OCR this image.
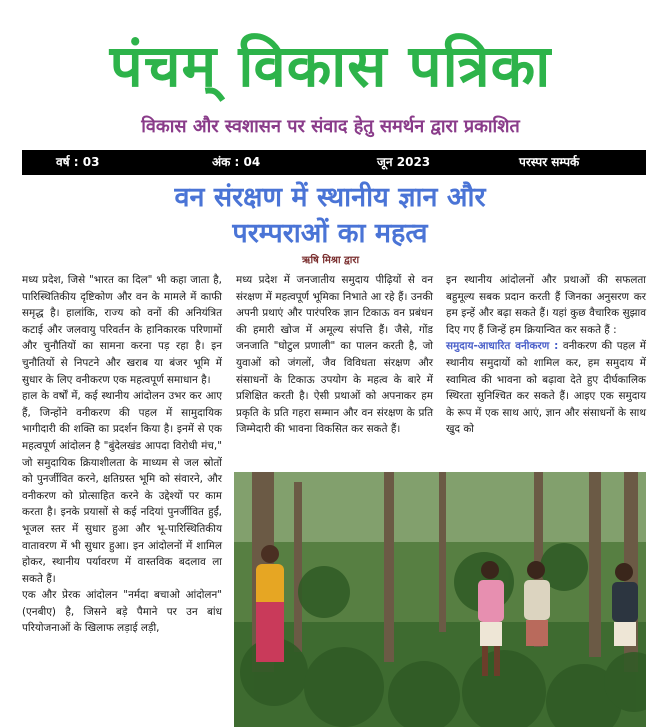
पंचम् विकास पत्रिका
विकास और स्वशासन पर संवाद हेतु समर्थन द्वारा प्रकाशित
वर्ष : 03	अंक : 04	जून 2023	परस्पर सम्पर्क
वन संरक्षण में स्थानीय ज्ञान और
परम्पराओं का महत्व
ऋषि मिश्रा द्वारा

मध्य प्रदेश, जिसे "भारत का दिल" भी कहा जाता है, पारिस्थितिकीय दृष्टिकोण और वन के मामले में काफी समृद्ध है। हालांकि, राज्य को वनों की अनियंत्रित कटाई और जलवायु परिवर्तन के हानिकारक परिणामों और चुनौतियों का सामना करना पड़ रहा है। इन चुनौतियों से निपटने और खराब या बंजर भूमि में सुधार के लिए वनीकरण एक महत्वपूर्ण समाधान है।

हाल के वर्षों में, कई स्थानीय आंदोलन उभर कर आए हैं, जिन्होंने वनीकरण की पहल में सामुदायिक भागीदारी की शक्ति का प्रदर्शन किया है। इनमें से एक महत्वपूर्ण आंदोलन है "बुंदेलखंड आपदा विरोधी मंच," जो समुदायिक क्रियाशीलता के माध्यम से जल स्रोतों को पुनर्जीवित करने, क्षतिग्रस्त भूमि को संवारने, और वनीकरण को प्रोत्साहित करने के उद्देश्यों पर काम करता है। इनके प्रयासों से कई नदियां पुनर्जीवित हुईं, भूजल स्तर में सुधार हुआ और भू-पारिस्थितिकीय वातावरण में भी सुधार हुआ। इन आंदोलनों में शामिल होकर, स्थानीय पर्यावरण में वास्तविक बदलाव ला सकते हैं।

एक और प्रेरक आंदोलन "नर्मदा बचाओ आंदोलन" (एनबीए) है, जिसने बड़े पैमाने पर उन बांध परियोजनाओं के खिलाफ लड़ाई लड़ी,

मध्य प्रदेश में जनजातीय समुदाय पीढ़ियों से वन संरक्षण में महत्वपूर्ण भूमिका निभाते आ रहे हैं। उनकी अपनी प्रथाएं और पारंपरिक ज्ञान टिकाऊ वन प्रबंधन की हमारी खोज में अमूल्य संपत्ति हैं। जैसे, गोंड जनजाति "घोटुल प्रणाली" का पालन करती है, जो युवाओं को जंगलों, जैव विविधता संरक्षण और संसाधनों के टिकाऊ उपयोग के महत्व के बारे में प्रशिक्षित करती है। ऐसी प्रथाओं को अपनाकर हम प्रकृति के प्रति गहरा सम्मान और वन संरक्षण के प्रति जिम्मेदारी की भावना विकसित कर सकते हैं।

इन स्थानीय आंदोलनों और प्रथाओं की सफलता बहुमूल्य सबक प्रदान करती हैं जिनका अनुसरण कर हम इन्हें और बढ़ा सकते हैं। यहां कुछ वैचारिक सुझाव दिए गए हैं जिन्हें हम क्रियान्वित कर सकते हैं :

समुदाय-आधारित वनीकरण : वनीकरण की पहल में स्थानीय समुदायों को शामिल कर, हम समुदाय में स्वामित्व की भावना को बढ़ावा देते हुए दीर्घकालिक स्थिरता सुनिश्चित कर सकते हैं। आइए एक समुदाय के रूप में एक साथ आएं, ज्ञान और संसाधनों के साथ खुद को
